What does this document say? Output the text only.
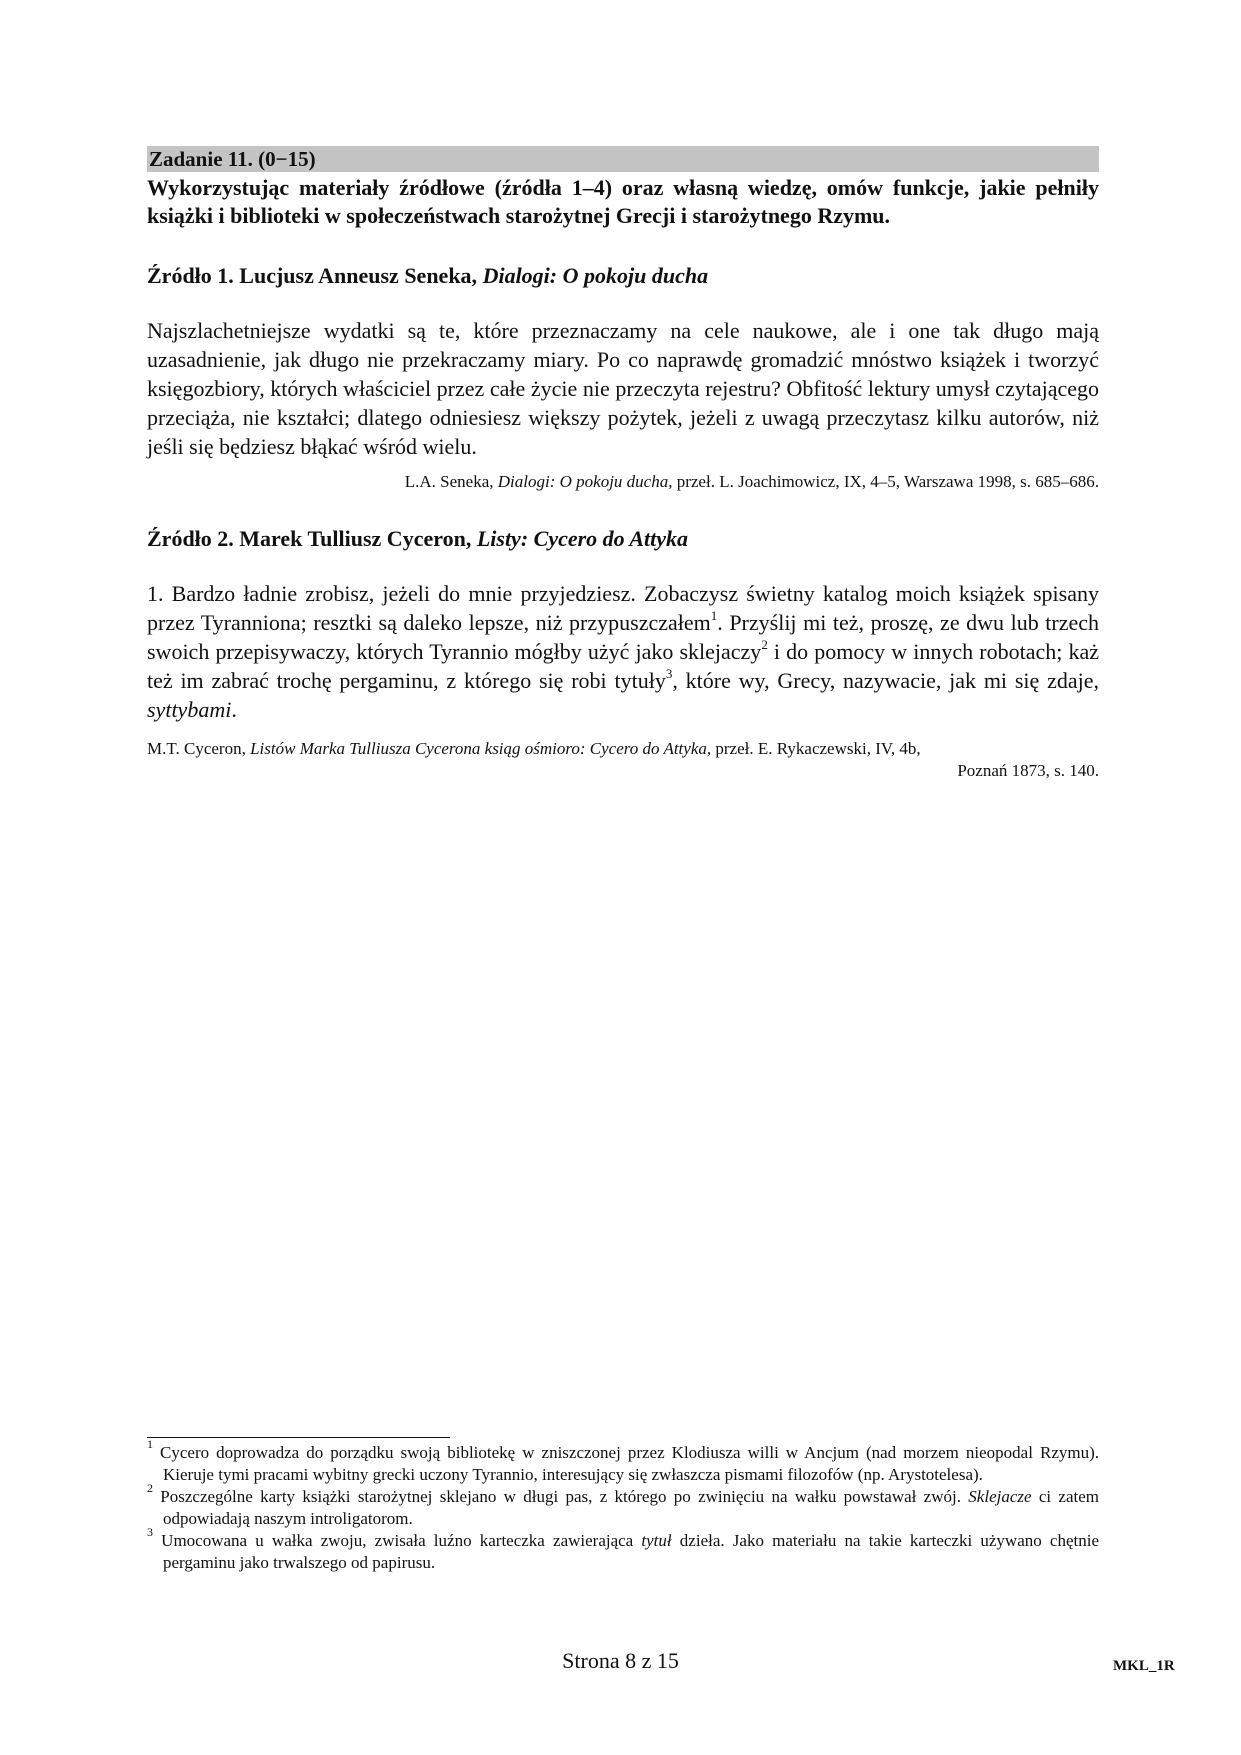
Zadanie 11. (0−15)
Wykorzystując materiały źródłowe (źródła 1–4) oraz własną wiedzę, omów funkcje, jakie pełniły książki i biblioteki w społeczeństwach starożytnej Grecji i starożytnego Rzymu.
Źródło 1. Lucjusz Anneusz Seneka, Dialogi: O pokoju ducha
Najszlachetniejsze wydatki są te, które przeznaczamy na cele naukowe, ale i one tak długo mają uzasadnienie, jak długo nie przekraczamy miary. Po co naprawdę gromadzić mnóstwo książek i tworzyć księgozbiory, których właściciel przez całe życie nie przeczyta rejestru? Obfitość lektury umysł czytającego przeciąża, nie kształci; dlatego odniesiesz większy pożytek, jeżeli z uwagą przeczytasz kilku autorów, niż jeśli się będziesz błąkać wśród wielu.
L.A. Seneka, Dialogi: O pokoju ducha, przeł. L. Joachimowicz, IX, 4–5, Warszawa 1998, s. 685–686.
Źródło 2. Marek Tulliusz Cyceron, Listy: Cycero do Attyka
1. Bardzo ładnie zrobisz, jeżeli do mnie przyjedziesz. Zobaczysz świetny katalog moich książek spisany przez Tyranniona; resztki są daleko lepsze, niż przypuszczałem$^1$. Przyślij mi też, proszę, ze dwu lub trzech swoich przepisywaczy, których Tyrannio mógłby użyć jako sklejaczy$^2$ i do pomocy w innych robotach; każ też im zabrać trochę pergaminu, z którego się robi tytuły$^3$, które wy, Grecy, nazywacie, jak mi się zdaje, syttybami.
M.T. Cyceron, Listów Marka Tulliusza Cycerona ksiąg ośmioro: Cycero do Attyka, przeł. E. Rykaczewski, IV, 4b,
Poznań 1873, s. 140.
$^1$ Cycero doprowadza do porządku swoją bibliotekę w zniszczonej przez Klodiusza willi w Ancjum (nad morzem nieopodal Rzymu). Kieruje tymi pracami wybitny grecki uczony Tyrannio, interesujący się zwłaszcza pismami filozofów (np. Arystotelesa).
$^2$ Poszczególne karty książki starożytnej sklejano w długi pas, z którego po zwinięciu na wałku powstawał zwój. Sklejacze ci zatem odpowiadają naszym introligatorom.
$^3$ Umocowana u wałka zwoju, zwisała luźno karteczka zawierająca tytuł dzieła. Jako materiału na takie karteczki używano chętnie pergaminu jako trwalszego od papirusu.
Strona 8 z 15	MKL_1R
